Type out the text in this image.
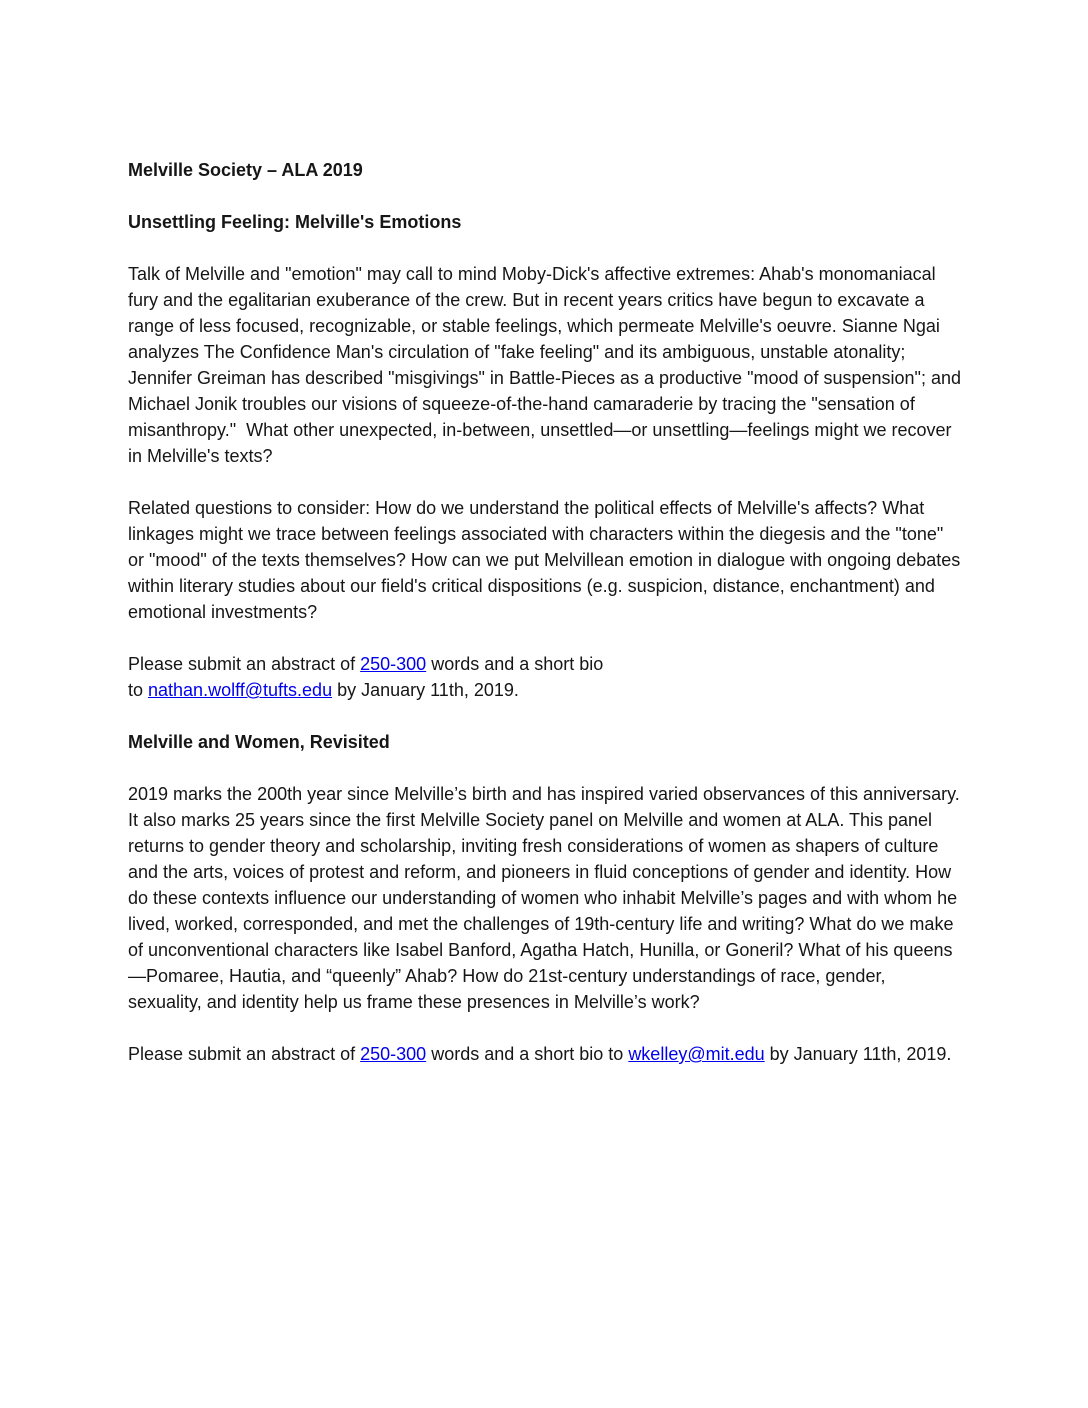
Melville Society – ALA 2019

Unsettling Feeling: Melville's Emotions

Talk of Melville and "emotion" may call to mind Moby-Dick's affective extremes: Ahab's monomaniacal fury and the egalitarian exuberance of the crew. But in recent years critics have begun to excavate a range of less focused, recognizable, or stable feelings, which permeate Melville's oeuvre. Sianne Ngai analyzes The Confidence Man's circulation of "fake feeling" and its ambiguous, unstable atonality; Jennifer Greiman has described "misgivings" in Battle-Pieces as a productive "mood of suspension"; and Michael Jonik troubles our visions of squeeze-of-the-hand camaraderie by tracing the "sensation of misanthropy."  What other unexpected, in-between, unsettled—or unsettling—feelings might we recover in Melville's texts?

Related questions to consider: How do we understand the political effects of Melville's affects? What linkages might we trace between feelings associated with characters within the diegesis and the "tone" or "mood" of the texts themselves? How can we put Melvillean emotion in dialogue with ongoing debates within literary studies about our field's critical dispositions (e.g. suspicion, distance, enchantment) and emotional investments?

Please submit an abstract of 250-300 words and a short bio
to nathan.wolff@tufts.edu by January 11th, 2019.

Melville and Women, Revisited

2019 marks the 200th year since Melville’s birth and has inspired varied observances of this anniversary. It also marks 25 years since the first Melville Society panel on Melville and women at ALA. This panel returns to gender theory and scholarship, inviting fresh considerations of women as shapers of culture and the arts, voices of protest and reform, and pioneers in fluid conceptions of gender and identity. How do these contexts influence our understanding of women who inhabit Melville’s pages and with whom he lived, worked, corresponded, and met the challenges of 19th-century life and writing? What do we make of unconventional characters like Isabel Banford, Agatha Hatch, Hunilla, or Goneril? What of his queens—Pomaree, Hautia, and “queenly” Ahab? How do 21st-century understandings of race, gender, sexuality, and identity help us frame these presences in Melville’s work?

Please submit an abstract of 250-300 words and a short bio to wkelley@mit.edu by January 11th, 2019.
